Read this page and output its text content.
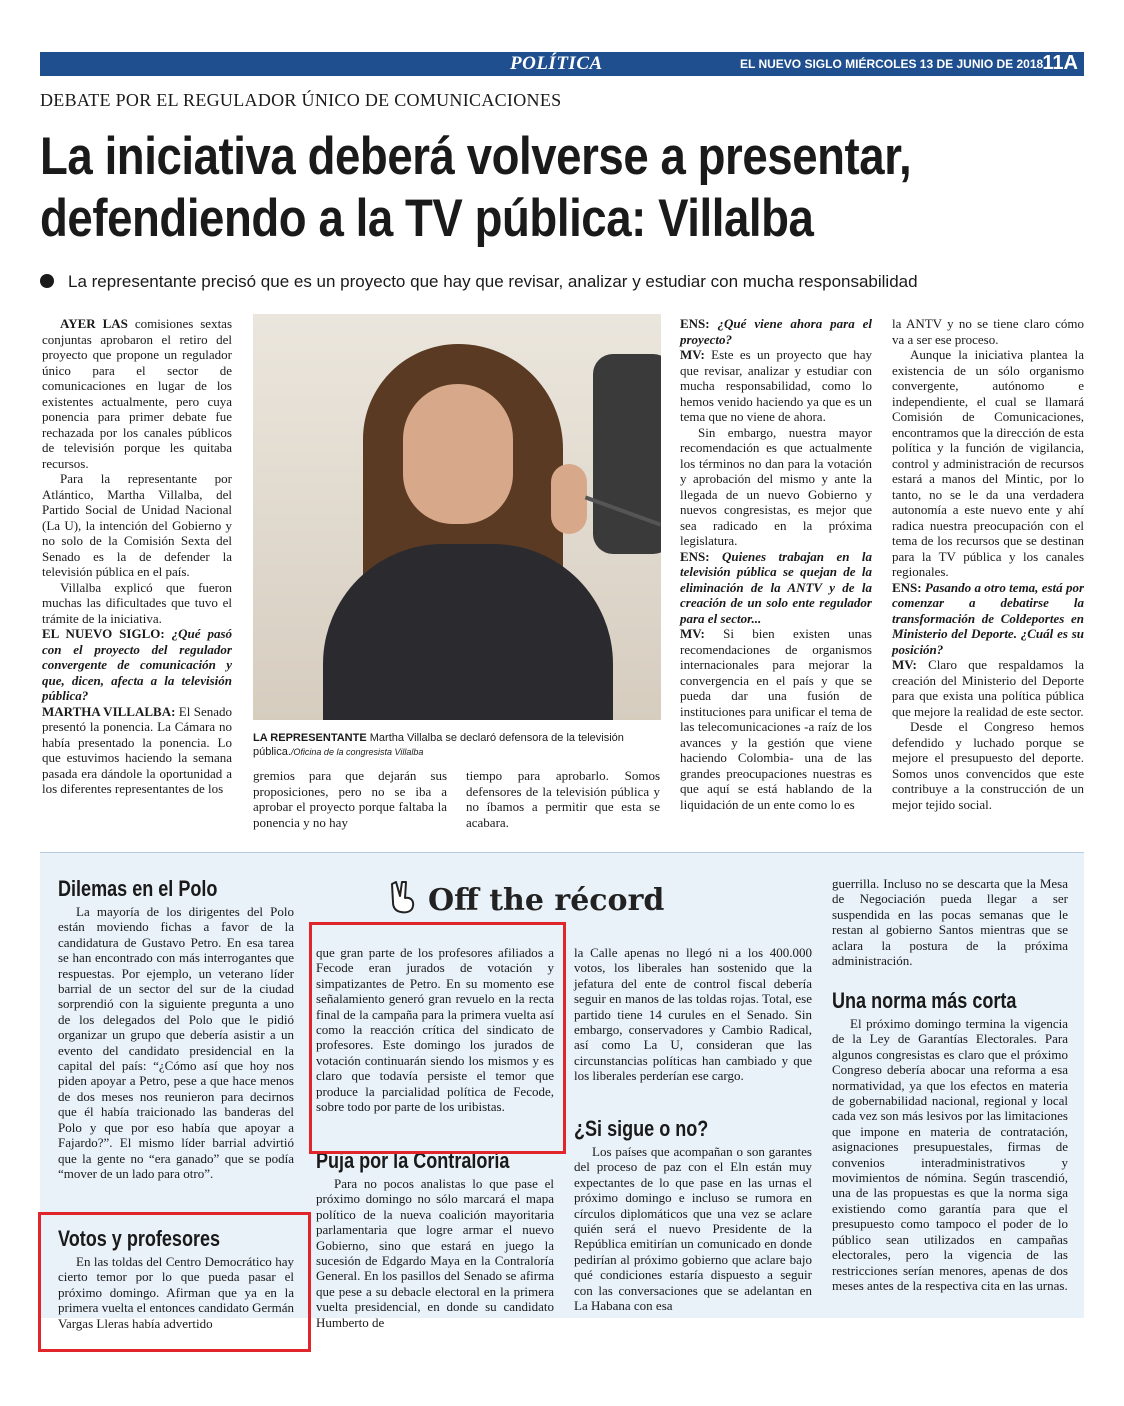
POLÍTICA	EL NUEVO SIGLO MIÉRCOLES 13 DE JUNIO DE 2018 11A
DEBATE POR EL REGULADOR ÚNICO DE COMUNICACIONES
La iniciativa deberá volverse a presentar,
defendiendo a la TV pública: Villalba
La representante precisó que es un proyecto que hay que revisar, analizar y estudiar con mucha responsabilidad

AYER LAS comisiones sextas conjuntas aprobaron el retiro del proyecto que propone un regulador único para el sector de comunicaciones en lugar de los existentes actualmente, pero cuya ponencia para primer debate fue rechazada por los canales públicos de televisión porque les quitaba recursos.

Para la representante por Atlántico, Martha Villalba, del Partido Social de Unidad Nacional (La U), la intención del Gobierno y no solo de la Comisión Sexta del Senado es la de defender la televisión pública en el país.

Villalba explicó que fueron muchas las dificultades que tuvo el trámite de la iniciativa.

EL NUEVO SIGLO: ¿Qué pasó con el proyecto del regulador convergente de comunicación y que, dicen, afecta a la televisión pública?

MARTHA VILLALBA: El Senado presentó la ponencia. La Cámara no había presentado la ponencia. Lo que estuvimos haciendo la semana pasada era dándole la oportunidad a los diferentes representantes de los

LA REPRESENTANTE Martha Villalba se declaró defensora de la televisión pública./Oficina de la congresista Villalba

gremios para que dejarán sus proposiciones, pero no se iba a aprobar el proyecto porque faltaba la ponencia y no hay

tiempo para aprobarlo. Somos defensores de la televisión pública y no íbamos a permitir que esta se acabara.

ENS: ¿Qué viene ahora para el proyecto?

MV: Este es un proyecto que hay que revisar, analizar y estudiar con mucha responsabilidad, como lo hemos venido haciendo ya que es un tema que no viene de ahora.

Sin embargo, nuestra mayor recomendación es que actualmente los términos no dan para la votación y aprobación del mismo y ante la llegada de un nuevo Gobierno y nuevos congresistas, es mejor que sea radicado en la próxima legislatura.

ENS: Quienes trabajan en la televisión pública se quejan de la eliminación de la ANTV y de la creación de un solo ente regulador para el sector...

MV: Si bien existen unas recomendaciones de organismos internacionales para mejorar la convergencia en el país y que se pueda dar una fusión de instituciones para unificar el tema de las telecomunicaciones -a raíz de los avances y la gestión que viene haciendo Colombia- una de las grandes preocupaciones nuestras es que aquí se está hablando de la liquidación de un ente como lo es

la ANTV y no se tiene claro cómo va a ser ese proceso.

Aunque la iniciativa plantea la existencia de un sólo organismo convergente, autónomo e independiente, el cual se llamará Comisión de Comunicaciones, encontramos que la dirección de esta política y la función de vigilancia, control y administración de recursos estará a manos del Mintic, por lo tanto, no se le da una verdadera autonomía a este nuevo ente y ahí radica nuestra preocupación con el tema de los recursos que se destinan para la TV pública y los canales regionales.

ENS: Pasando a otro tema, está por comenzar a debatirse la transformación de Coldeportes en Ministerio del Deporte. ¿Cuál es su posición?

MV: Claro que respaldamos la creación del Ministerio del Deporte para que exista una política pública que mejore la realidad de este sector.

Desde el Congreso hemos defendido y luchado porque se mejore el presupuesto del deporte. Somos unos convencidos que este contribuye a la construcción de un mejor tejido social.

Off the récord
Dilemas en el Polo

La mayoría de los dirigentes del Polo están moviendo fichas a favor de la candidatura de Gustavo Petro. En esa tarea se han encontrado con más interrogantes que respuestas. Por ejemplo, un veterano líder barrial de un sector del sur de la ciudad sorprendió con la siguiente pregunta a uno de los delegados del Polo que le pidió organizar un grupo que debería asistir a un evento del candidato presidencial en la capital del país: “¿Cómo así que hoy nos piden apoyar a Petro, pese a que hace menos de dos meses nos reunieron para decirnos que él había traicionado las banderas del Polo y que por eso había que apoyar a Fajardo?”. El mismo líder barrial advirtió que la gente no “era ganado” que se podía “mover de un lado para otro”.

Votos y profesores

En las toldas del Centro Democrático hay cierto temor por lo que pueda pasar el próximo domingo. Afirman que ya en la primera vuelta el entonces candidato Germán Vargas Lleras había advertido

que gran parte de los profesores afiliados a Fecode eran jurados de votación y simpatizantes de Petro. En su momento ese señalamiento generó gran revuelo en la recta final de la campaña para la primera vuelta así como la reacción crítica del sindicato de profesores. Este domingo los jurados de votación continuarán siendo los mismos y es claro que todavía persiste el temor que produce la parcialidad política de Fecode, sobre todo por parte de los uribistas.

Puja por la Contraloría

Para no pocos analistas lo que pase el próximo domingo no sólo marcará el mapa político de la nueva coalición mayoritaria parlamentaria que logre armar el nuevo Gobierno, sino que estará en juego la sucesión de Edgardo Maya en la Contraloría General. En los pasillos del Senado se afirma que pese a su debacle electoral en la primera vuelta presidencial, en donde su candidato Humberto de

la Calle apenas no llegó ni a los 400.000 votos, los liberales han sostenido que la jefatura del ente de control fiscal debería seguir en manos de las toldas rojas. Total, ese partido tiene 14 curules en el Senado. Sin embargo, conservadores y Cambio Radical, así como La U, consideran que las circunstancias políticas han cambiado y que los liberales perderían ese cargo.

¿Si sigue o no?

Los países que acompañan o son garantes del proceso de paz con el Eln están muy expectantes de lo que pase en las urnas el próximo domingo e incluso se rumora en círculos diplomáticos que una vez se aclare quién será el nuevo Presidente de la República emitirían un comunicado en donde pedirían al próximo gobierno que aclare bajo qué condiciones estaría dispuesto a seguir con las conversaciones que se adelantan en La Habana con esa

guerrilla. Incluso no se descarta que la Mesa de Negociación pueda llegar a ser suspendida en las pocas semanas que le restan al gobierno Santos mientras que se aclara la postura de la próxima administración.

Una norma más corta

El próximo domingo termina la vigencia de la Ley de Garantías Electorales. Para algunos congresistas es claro que el próximo Congreso debería abocar una reforma a esa normatividad, ya que los efectos en materia de gobernabilidad nacional, regional y local cada vez son más lesivos por las limitaciones que impone en materia de contratación, asignaciones presupuestales, firmas de convenios interadministrativos y movimientos de nómina. Según trascendió, una de las propuestas es que la norma siga existiendo como garantía para que el presupuesto como tampoco el poder de lo público sean utilizados en campañas electorales, pero la vigencia de las restricciones serían menores, apenas de dos meses antes de la respectiva cita en las urnas.
